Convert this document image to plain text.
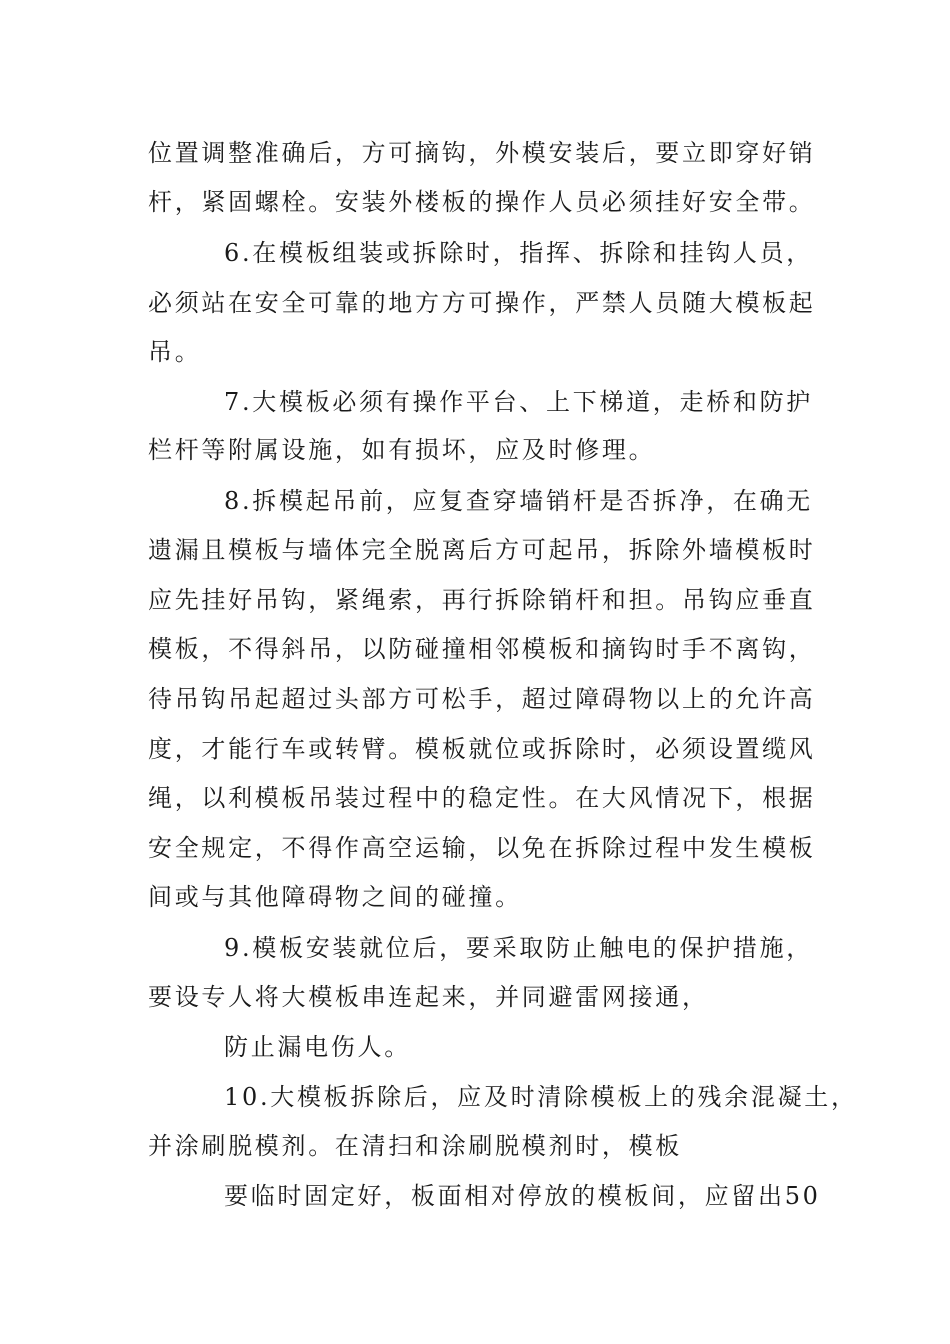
位置调整准确后，方可摘钩，外模安装后，要立即穿好销
杆，紧固螺栓。安装外楼板的操作人员必须挂好安全带。
6.在模板组装或拆除时，指挥、拆除和挂钩人员，
必须站在安全可靠的地方方可操作，严禁人员随大模板起
吊。
7.大模板必须有操作平台、上下梯道，走桥和防护
栏杆等附属设施，如有损坏，应及时修理。
8.拆模起吊前，应复查穿墙销杆是否拆净，在确无
遗漏且模板与墙体完全脱离后方可起吊，拆除外墙模板时
应先挂好吊钩，紧绳索，再行拆除销杆和担。吊钩应垂直
模板，不得斜吊，以防碰撞相邻模板和摘钩时手不离钩，
待吊钩吊起超过头部方可松手，超过障碍物以上的允许高
度，才能行车或转臂。模板就位或拆除时，必须设置缆风
绳，以利模板吊装过程中的稳定性。在大风情况下，根据
安全规定，不得作高空运输，以免在拆除过程中发生模板
间或与其他障碍物之间的碰撞。
9.模板安装就位后，要采取防止触电的保护措施，
要设专人将大模板串连起来，并同避雷网接通，
防止漏电伤人。
10.大模板拆除后，应及时清除模板上的残余混凝土，
并涂刷脱模剂。在清扫和涂刷脱模剂时，模板
要临时固定好，板面相对停放的模板间，应留出50
